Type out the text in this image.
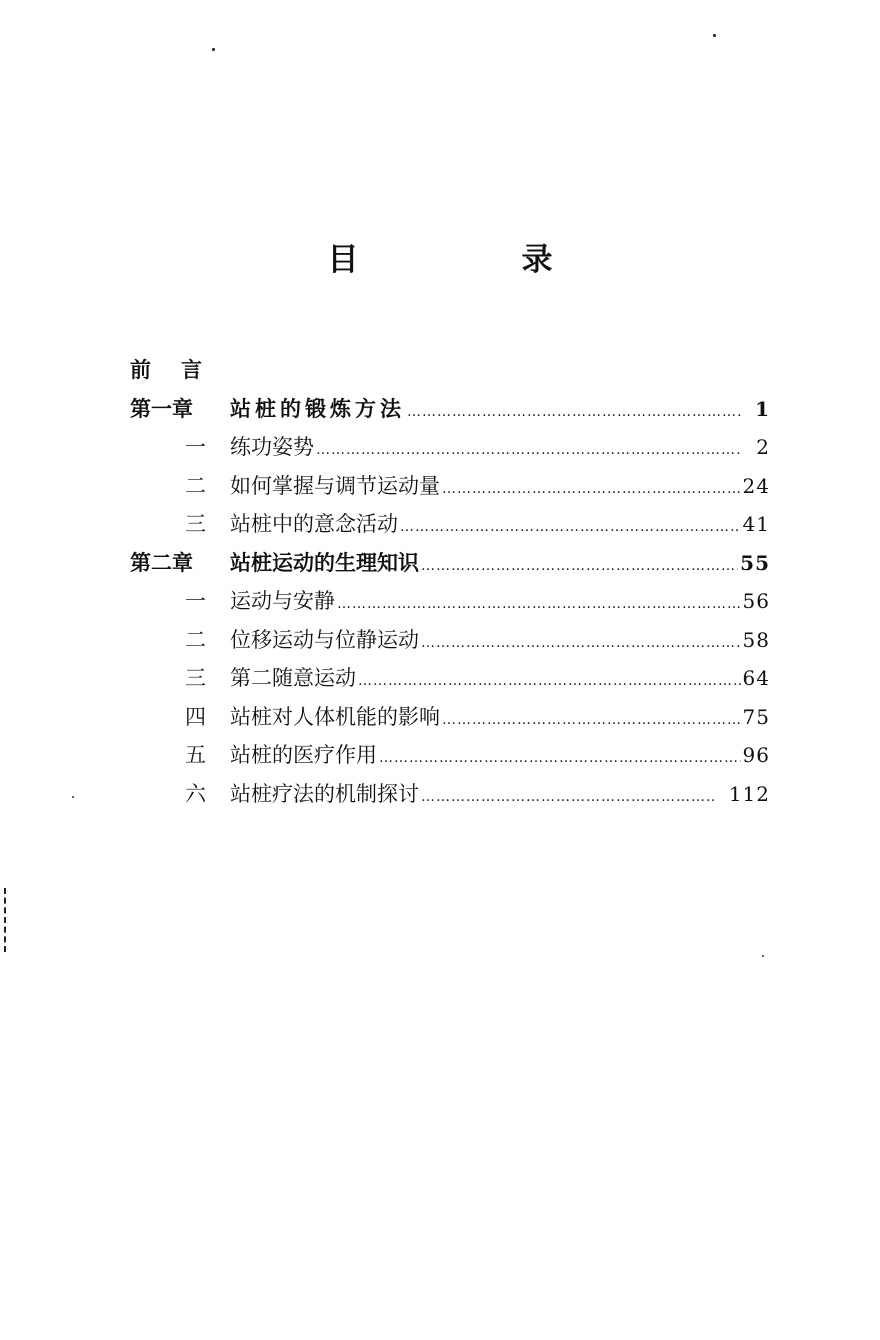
目　录
前言
第一章	站桩的锻炼方法 …………………………………………………………………………………………………………………………………………	1
一	练功姿势 …………………………………………………………………………………………………………………………………………	2
二	如何掌握与调节运动量 …………………………………………………………………………………………………………………………………………	24
三	站桩中的意念活动 …………………………………………………………………………………………………………………………………………	41
第二章	站桩运动的生理知识 …………………………………………………………………………………………………………………………………………	55
一	运动与安静 …………………………………………………………………………………………………………………………………………	56
二	位移运动与位静运动 …………………………………………………………………………………………………………………………………………	58
三	第二随意运动 …………………………………………………………………………………………………………………………………………	64
四	站桩对人体机能的影响 …………………………………………………………………………………………………………………………………………	75
五	站桩的医疗作用 …………………………………………………………………………………………………………………………………………	96
六	站桩疗法的机制探讨 …………………………………………………………………………………………………………………………………………	112
